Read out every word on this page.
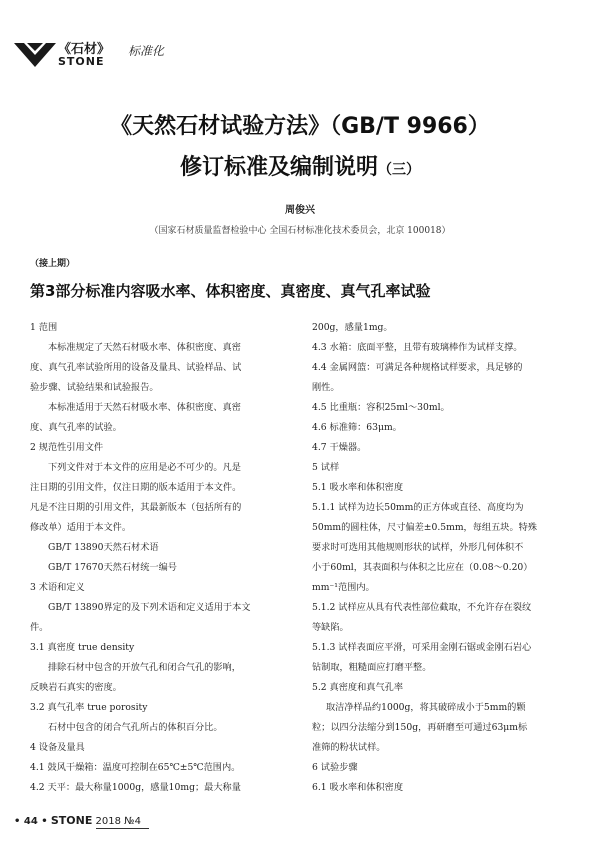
《石材》
STONE
标准化
《天然石材试验方法》（GB/T 9966）
修订标准及编制说明（三）
周俊兴
（国家石材质量监督检验中心 全国石材标准化技术委员会，北京 100018）
（接上期）
第3部分标准内容吸水率、体积密度、真密度、真气孔率试验
1 范围
本标准规定了天然石材吸水率、体积密度、真密
度、真气孔率试验所用的设备及量具、试验样品、试
验步骤、试验结果和试验报告。
本标准适用于天然石材吸水率、体积密度、真密
度、真气孔率的试验。
2 规范性引用文件
下列文件对于本文件的应用是必不可少的。凡是
注日期的引用文件，仅注日期的版本适用于本文件。
凡是不注日期的引用文件，其最新版本（包括所有的
修改单）适用于本文件。
GB/T 13890天然石材术语
GB/T 17670天然石材统一编号
3 术语和定义
GB/T 13890界定的及下列术语和定义适用于本文
件。
3.1 真密度 true density
排除石材中包含的开放气孔和闭合气孔的影响，
反映岩石真实的密度。
3.2 真气孔率 true porosity
石材中包含的闭合气孔所占的体积百分比。
4 设备及量具
4.1 鼓风干燥箱：温度可控制在65℃±5℃范围内。
4.2 天平：最大称量1000g，感量10mg；最大称量
200g，感量1mg。
4.3 水箱：底面平整，且带有玻璃棒作为试样支撑。
4.4 金属网篮：可满足各种规格试样要求，具足够的
刚性。
4.5 比重瓶：容积25ml～30ml。
4.6 标准筛：63μm。
4.7 干燥器。
5 试样
5.1 吸水率和体积密度
5.1.1 试样为边长50mm的正方体或直径、高度均为
50mm的圆柱体，尺寸偏差±0.5mm，每组五块。特殊
要求时可选用其他规则形状的试样，外形几何体积不
小于60ml，其表面积与体积之比应在（0.08～0.20）
mm⁻¹范围内。
5.1.2 试样应从具有代表性部位截取，不允许存在裂纹
等缺陷。
5.1.3 试样表面应平滑，可采用金刚石锯或金刚石岩心
钻制取，粗糙面应打磨平整。
5.2 真密度和真气孔率
取洁净样品约1000g，将其破碎成小于5mm的颗
粒；以四分法缩分到150g，再研磨至可通过63μm标
准筛的粉状试样。
6 试验步骤
6.1 吸水率和体积密度
• 44 • STONE 2018 №4
